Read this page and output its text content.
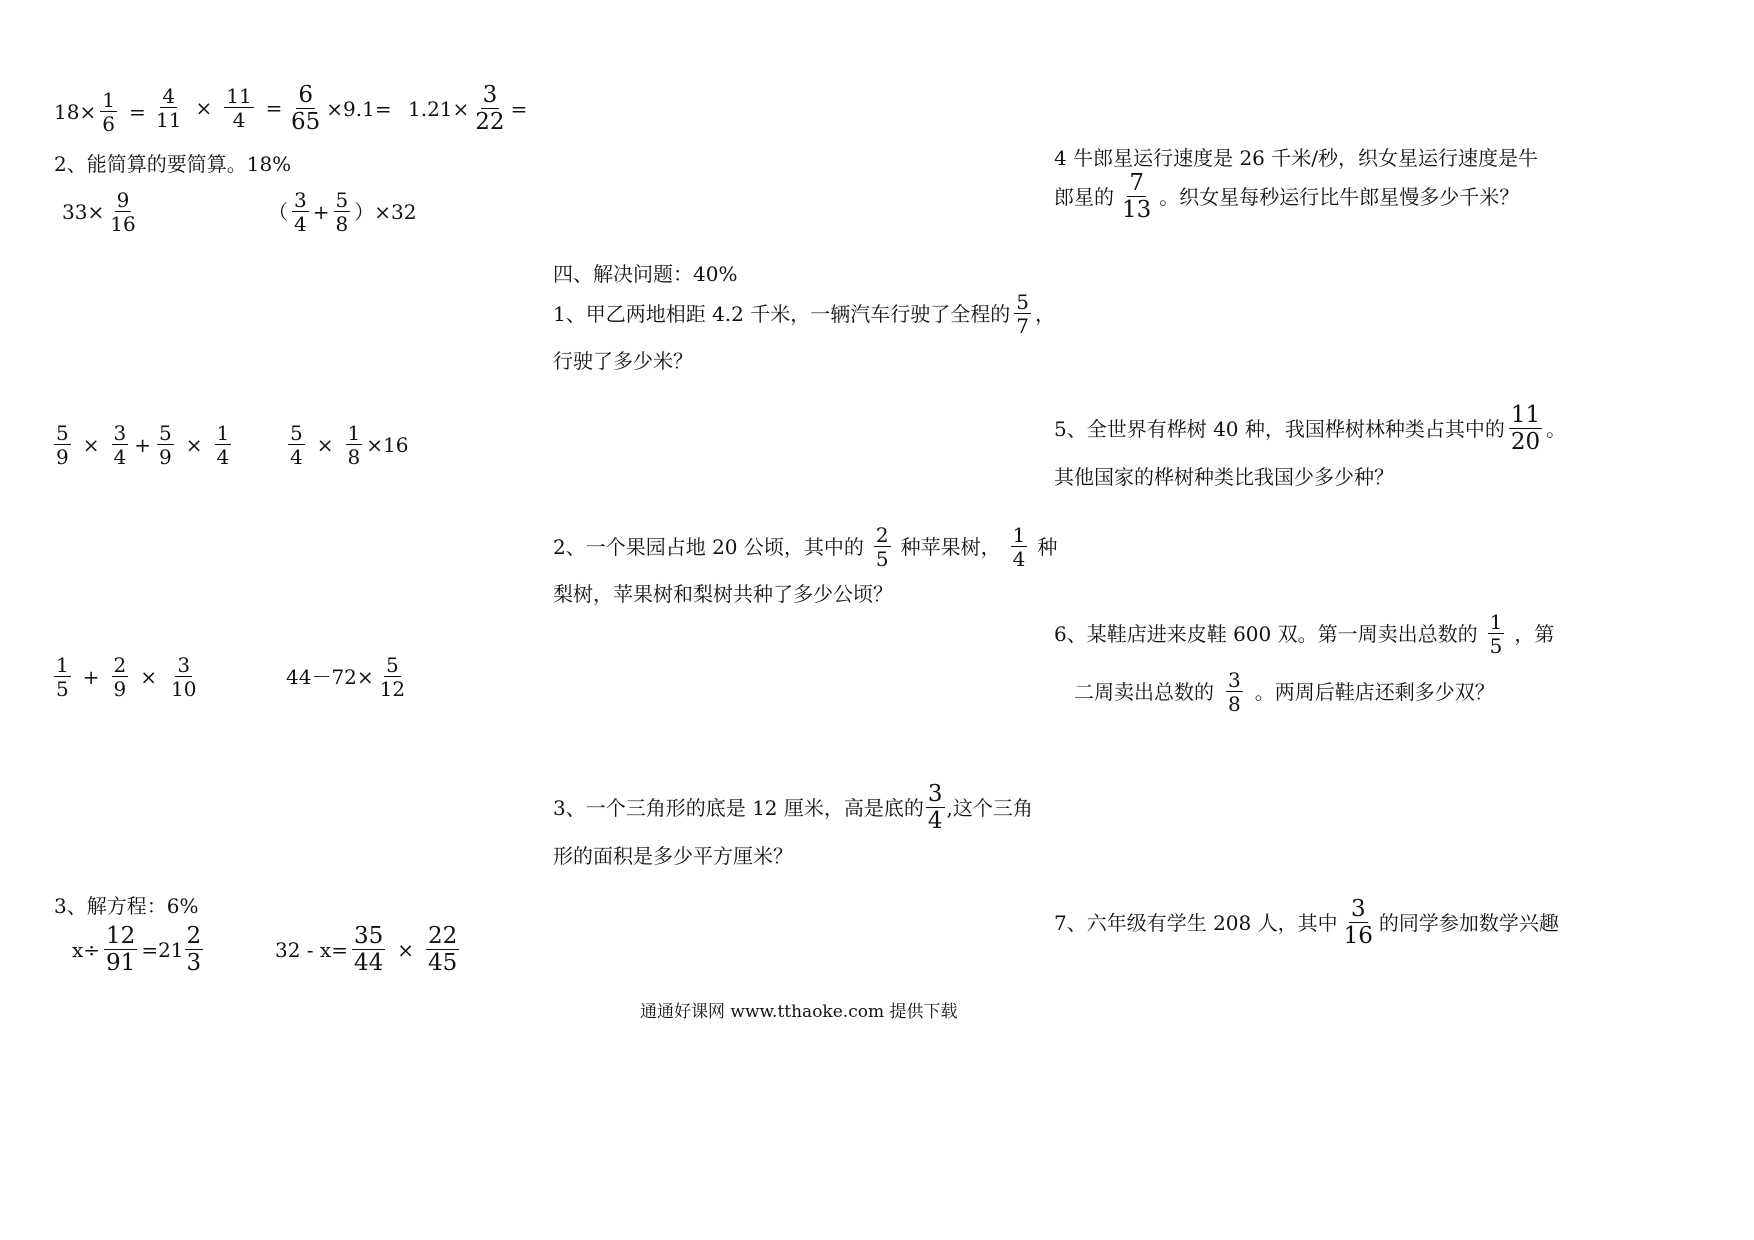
$18\times \frac{1}{6} = \frac{4}{11} \times \frac{11}{4} = \frac{6}{65} \times 9.1= 1.21\times \frac{3}{22}$ =
2、能简算的要简算。18%
$33\times \frac{9}{16}$	（ $\frac{3}{4} + \frac{5}{8} )\times 32$
$\frac{5}{9} \times \frac{3}{4} + \frac{5}{9} \times \frac{1}{4}$	$\frac{5}{4} \times \frac{1}{8} \times 16$
$\frac{1}{5} + \frac{2}{9} \times \frac{3}{10}$	$44-72\times \frac{5}{12}$
3、解方程：6%
$x\div \frac{12}{91} =21 \frac{2}{3}$	$32 - x= \frac{35}{44} \times \frac{22}{45}$
四、解决问题：40%
1、甲乙两地相距 4.2 千米，一辆汽车行驶了全程的 $\frac{5}{7}$ ，
行驶了多少米？
2、一个果园占地 20 公顷，其中的 $\frac{2}{5}$ 种苹果树， $\frac{1}{4}$ 种
梨树，苹果树和梨树共种了多少公顷？
3、一个三角形的底是 12 厘米，高是底的 $\frac{3}{4}$ ,这个三角
形的面积是多少平方厘米？
4 牛郎星运行速度是 26 千米/秒，织女星运行速度是牛
郎星的 $\frac{7}{13}$ 。织女星每秒运行比牛郎星慢多少千米？
5、全世界有桦树 40 种，我国桦树林种类占其中的 $\frac{11}{20}$ 。
其他国家的桦树种类比我国少多少种？
6、某鞋店进来皮鞋 600 双。第一周卖出总数的 $\frac{1}{5}$ ，第
二周卖出总数的 $\frac{3}{8}$ 。两周后鞋店还剩多少双？
7、六年级有学生 208 人，其中 $\frac{3}{16}$ 的同学参加数学兴趣
通通好课网 www.tthaoke.com 提供下载
